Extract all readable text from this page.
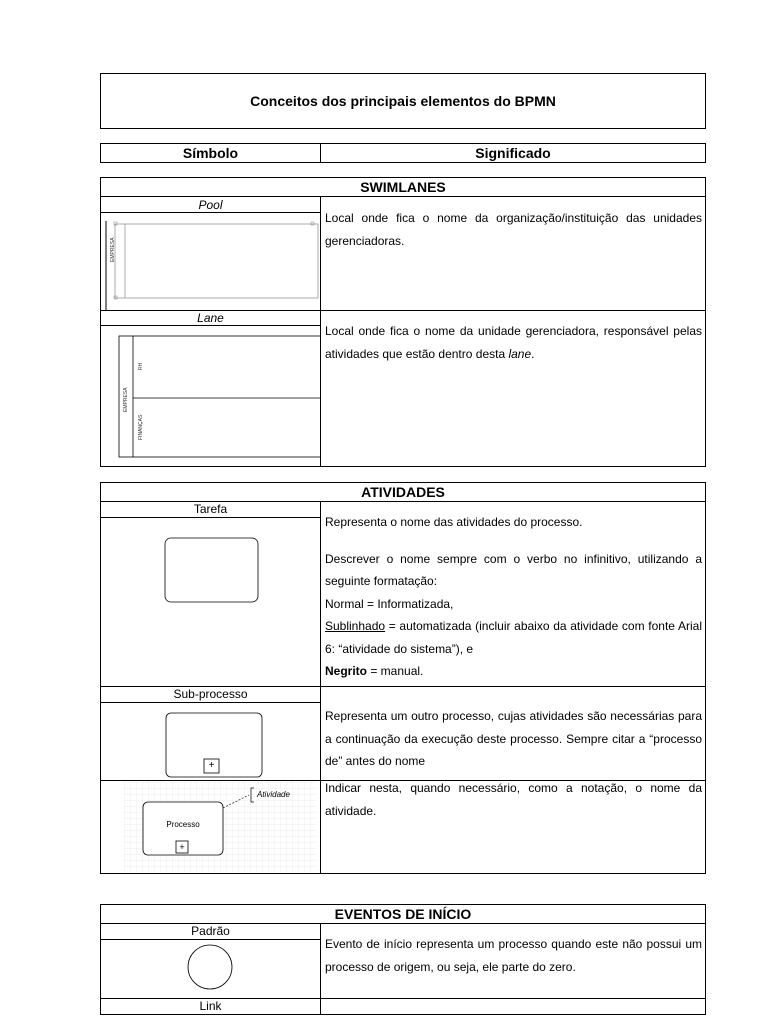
Conceitos dos principais elementos do BPMN
Símbolo	Significado
SWIMLANES
Pool
EMPRESA
Local onde fica o nome da organização/instituição das unidades gerenciadoras.
Lane
EMPRESA
RH
FINANÇAS
Local onde fica o nome da unidade gerenciadora, responsável pelas atividades que estão dentro desta lane.
ATIVIDADES
Tarefa

Representa o nome das atividades do processo.

Descrever o nome sempre com o verbo no infinitivo, utilizando a seguinte formatação:

Normal = Informatizada,

Sublinhado = automatizada (incluir abaixo da atividade com fonte Arial 6: “atividade do sistema”), e

Negrito = manual.

Sub-processo
+
Representa um outro processo, cujas atividades são necessárias para a continuação da execução deste processo. Sempre citar a “processo de” antes do nome
Processo
Atividade
+
Indicar nesta, quando necessário, como a notação, o nome da atividade.
EVENTOS DE INÍCIO
Padrão
Evento de início representa um processo quando este não possui um processo de origem, ou seja, ele parte do zero.
Link
